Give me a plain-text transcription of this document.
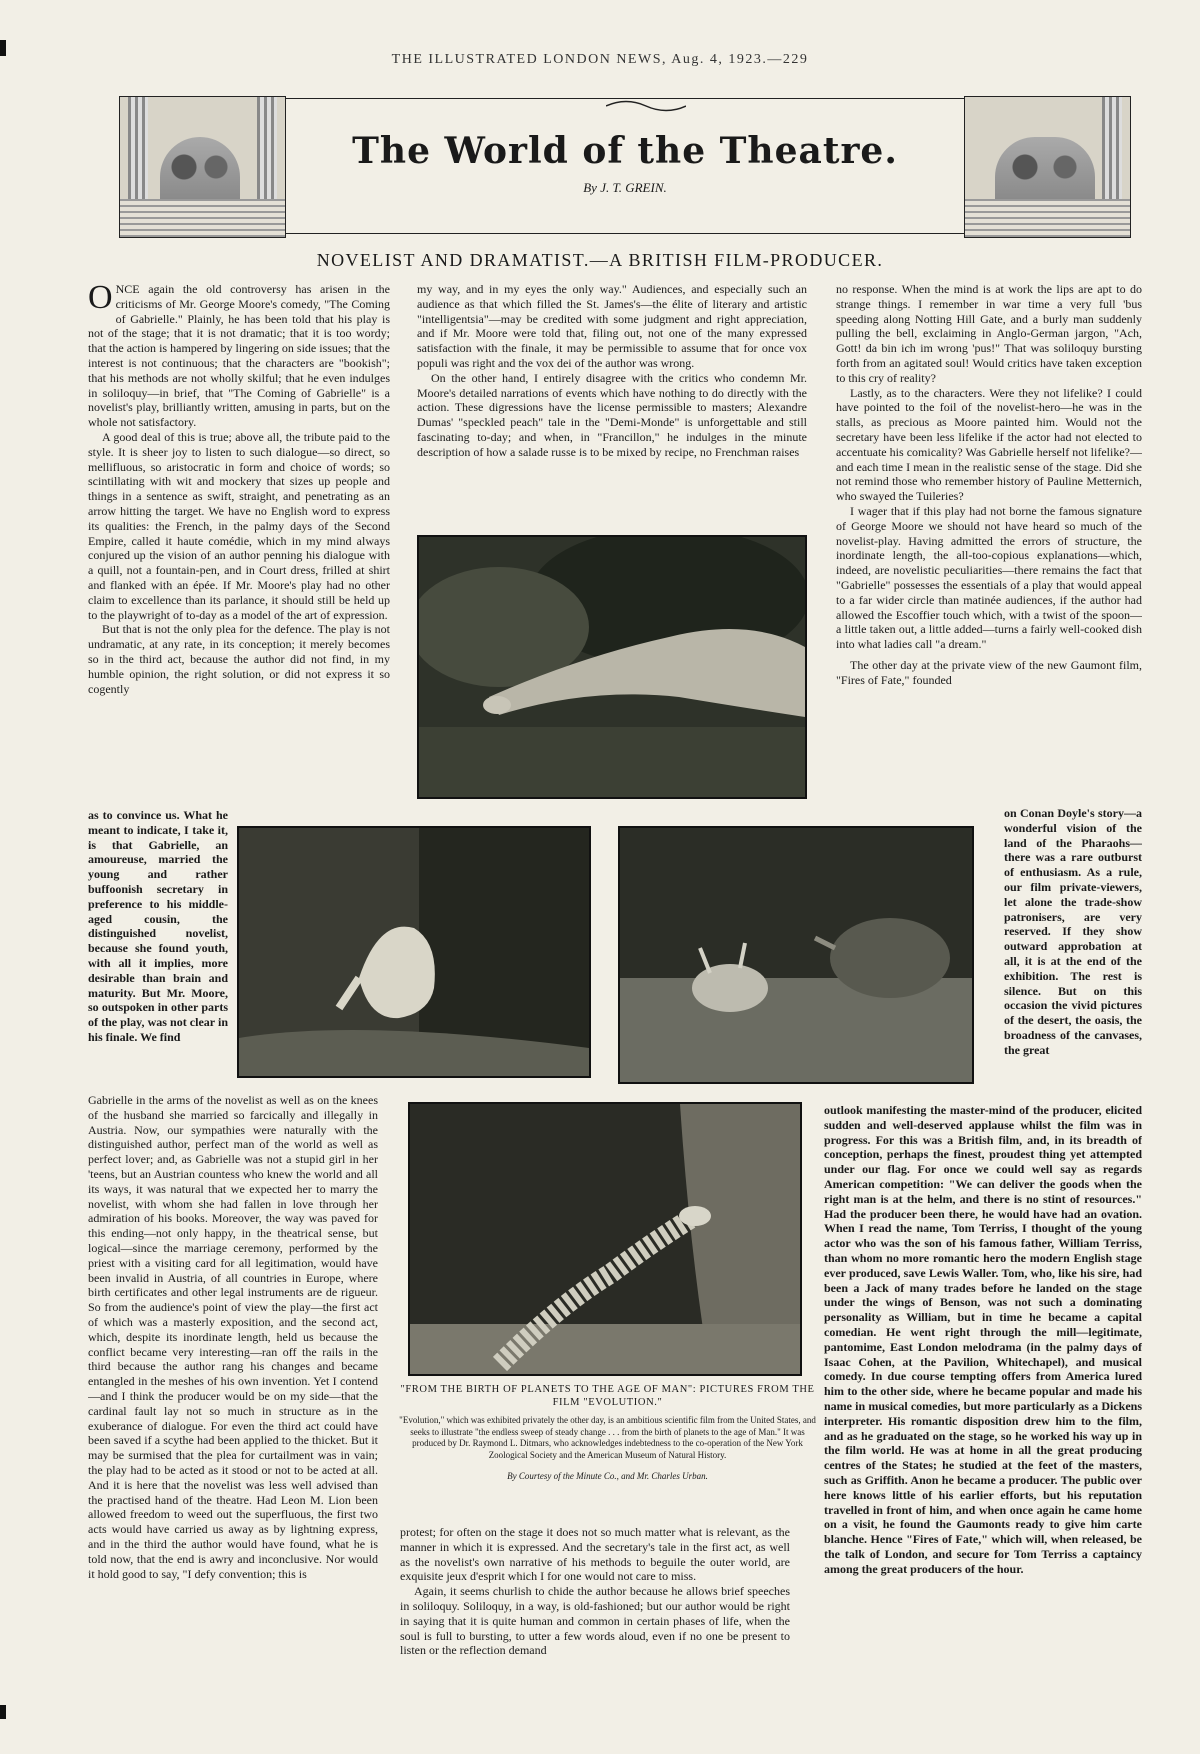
THE ILLUSTRATED LONDON NEWS, Aug. 4, 1923.—229
The World of the Theatre.
By J. T. GREIN.
NOVELIST AND DRAMATIST.—A BRITISH FILM-PRODUCER.

ONCE again the old controversy has arisen in the criticisms of Mr. George Moore's comedy, "The Coming of Gabrielle." Plainly, he has been told that his play is not of the stage; that it is not dramatic; that it is too wordy; that the action is hampered by lingering on side issues; that the interest is not continuous; that the characters are "bookish"; that his methods are not wholly skilful; that he even indulges in soliloquy—in brief, that "The Coming of Gabrielle" is a novelist's play, brilliantly written, amusing in parts, but on the whole not satisfactory.

A good deal of this is true; above all, the tribute paid to the style. It is sheer joy to listen to such dialogue—so direct, so mellifluous, so aristocratic in form and choice of words; so scintillating with wit and mockery that sizes up people and things in a sentence as swift, straight, and penetrating as an arrow hitting the target. We have no English word to express its qualities: the French, in the palmy days of the Second Empire, called it haute comédie, which in my mind always conjured up the vision of an author penning his dialogue with a quill, not a fountain-pen, and in Court dress, frilled at shirt and flanked with an épée. If Mr. Moore's play had no other claim to excellence than its parlance, it should still be held up to the playwright of to-day as a model of the art of expression.

But that is not the only plea for the defence. The play is not undramatic, at any rate, in its conception; it merely becomes so in the third act, because the author did not find, in my humble opinion, the right solution, or did not express it so cogently

as to convince us. What he meant to indicate, I take it, is that Gabrielle, an amoureuse, married the young and rather buffoonish secretary in preference to his middle-aged cousin, the distinguished novelist, because she found youth, with all it implies, more desirable than brain and maturity. But Mr. Moore, so outspoken in other parts of the play, was not clear in his finale. We find

Gabrielle in the arms of the novelist as well as on the knees of the husband she married so farcically and illegally in Austria. Now, our sympathies were naturally with the distinguished author, perfect man of the world as well as perfect lover; and, as Gabrielle was not a stupid girl in her 'teens, but an Austrian countess who knew the world and all its ways, it was natural that we expected her to marry the novelist, with whom she had fallen in love through her admiration of his books. Moreover, the way was paved for this ending—not only happy, in the theatrical sense, but logical—since the marriage ceremony, performed by the priest with a visiting card for all legitimation, would have been invalid in Austria, of all countries in Europe, where birth certificates and other legal instruments are de rigueur. So from the audience's point of view the play—the first act of which was a masterly exposition, and the second act, which, despite its inordinate length, held us because the conflict became very interesting—ran off the rails in the third because the author rang his changes and became entangled in the meshes of his own invention. Yet I contend—and I think the producer would be on my side—that the cardinal fault lay not so much in structure as in the exuberance of dialogue. For even the third act could have been saved if a scythe had been applied to the thicket. But it may be surmised that the plea for curtailment was in vain; the play had to be acted as it stood or not to be acted at all. And it is here that the novelist was less well advised than the practised hand of the theatre. Had Leon M. Lion been allowed freedom to weed out the superfluous, the first two acts would have carried us away as by lightning express, and in the third the author would have found, what he is told now, that the end is awry and inconclusive. Nor would it hold good to say, "I defy convention; this is

my way, and in my eyes the only way." Audiences, and especially such an audience as that which filled the St. James's—the élite of literary and artistic "intelligentsia"—may be credited with some judgment and right appreciation, and if Mr. Moore were told that, filing out, not one of the many expressed satisfaction with the finale, it may be permissible to assume that for once vox populi was right and the vox dei of the author was wrong.

On the other hand, I entirely disagree with the critics who condemn Mr. Moore's detailed narrations of events which have nothing to do directly with the action. These digressions have the license permissible to masters; Alexandre Dumas' "speckled peach" tale in the "Demi-Monde" is unforgettable and still fascinating to-day; and when, in "Francillon," he indulges in the minute description of how a salade russe is to be mixed by recipe, no Frenchman raises

protest; for often on the stage it does not so much matter what is relevant, as the manner in which it is expressed. And the secretary's tale in the first act, as well as the novelist's own narrative of his methods to beguile the outer world, are exquisite jeux d'esprit which I for one would not care to miss.

Again, it seems churlish to chide the author because he allows brief speeches in soliloquy. Soliloquy, in a way, is old-fashioned; but our author would be right in saying that it is quite human and common in certain phases of life, when the soul is full to bursting, to utter a few words aloud, even if no one be present to listen or the reflection demand

no response. When the mind is at work the lips are apt to do strange things. I remember in war time a very full 'bus speeding along Notting Hill Gate, and a burly man suddenly pulling the bell, exclaiming in Anglo-German jargon, "Ach, Gott! da bin ich im wrong 'pus!" That was soliloquy bursting forth from an agitated soul! Would critics have taken exception to this cry of reality?

Lastly, as to the characters. Were they not lifelike? I could have pointed to the foil of the novelist-hero—he was in the stalls, as precious as Moore painted him. Would not the secretary have been less lifelike if the actor had not elected to accentuate his comicality? Was Gabrielle herself not lifelike?—and each time I mean in the realistic sense of the stage. Did she not remind those who remember history of Pauline Metternich, who swayed the Tuileries?

I wager that if this play had not borne the famous signature of George Moore we should not have heard so much of the novelist-play. Having admitted the errors of structure, the inordinate length, the all-too-copious explanations—which, indeed, are novelistic peculiarities—there remains the fact that "Gabrielle" possesses the essentials of a play that would appeal to a far wider circle than matinée audiences, if the author had allowed the Escoffier touch which, with a twist of the spoon—a little taken out, a little added—turns a fairly well-cooked dish into what ladies call "a dream."

The other day at the private view of the new Gaumont film, "Fires of Fate," founded

on Conan Doyle's story—a wonderful vision of the land of the Pharaohs—there was a rare outburst of enthusiasm. As a rule, our film private-viewers, let alone the trade-show patronisers, are very reserved. If they show outward approbation at all, it is at the end of the exhibition. The rest is silence. But on this occasion the vivid pictures of the desert, the oasis, the broadness of the canvases, the great

outlook manifesting the master-mind of the producer, elicited sudden and well-deserved applause whilst the film was in progress. For this was a British film, and, in its breadth of conception, perhaps the finest, proudest thing yet attempted under our flag. For once we could well say as regards American competition: "We can deliver the goods when the right man is at the helm, and there is no stint of resources." Had the producer been there, he would have had an ovation. When I read the name, Tom Terriss, I thought of the young actor who was the son of his famous father, William Terriss, than whom no more romantic hero the modern English stage ever produced, save Lewis Waller. Tom, who, like his sire, had been a Jack of many trades before he landed on the stage under the wings of Benson, was not such a dominating personality as William, but in time he became a capital comedian. He went right through the mill—legitimate, pantomime, East London melodrama (in the palmy days of Isaac Cohen, at the Pavilion, Whitechapel), and musical comedy. In due course tempting offers from America lured him to the other side, where he became popular and made his name in musical comedies, but more particularly as a Dickens interpreter. His romantic disposition drew him to the film, and as he graduated on the stage, so he worked his way up in the film world. He was at home in all the great producing centres of the States; he studied at the feet of the masters, such as Griffith. Anon he became a producer. The public over here knows little of his earlier efforts, but his reputation travelled in front of him, and when once again he came home on a visit, he found the Gaumonts ready to give him carte blanche. Hence "Fires of Fate," which will, when released, be the talk of London, and secure for Tom Terriss a captaincy among the great producers of the hour.

"FROM THE BIRTH OF PLANETS TO THE AGE OF MAN": PICTURES FROM THE FILM "EVOLUTION."
"Evolution," which was exhibited privately the other day, is an ambitious scientific film from the United States, and seeks to illustrate "the endless sweep of steady change . . . from the birth of planets to the age of Man." It was produced by Dr. Raymond L. Ditmars, who acknowledges indebtedness to the co-operation of the New York Zoological Society and the American Museum of Natural History.
By Courtesy of the Minute Co., and Mr. Charles Urban.
